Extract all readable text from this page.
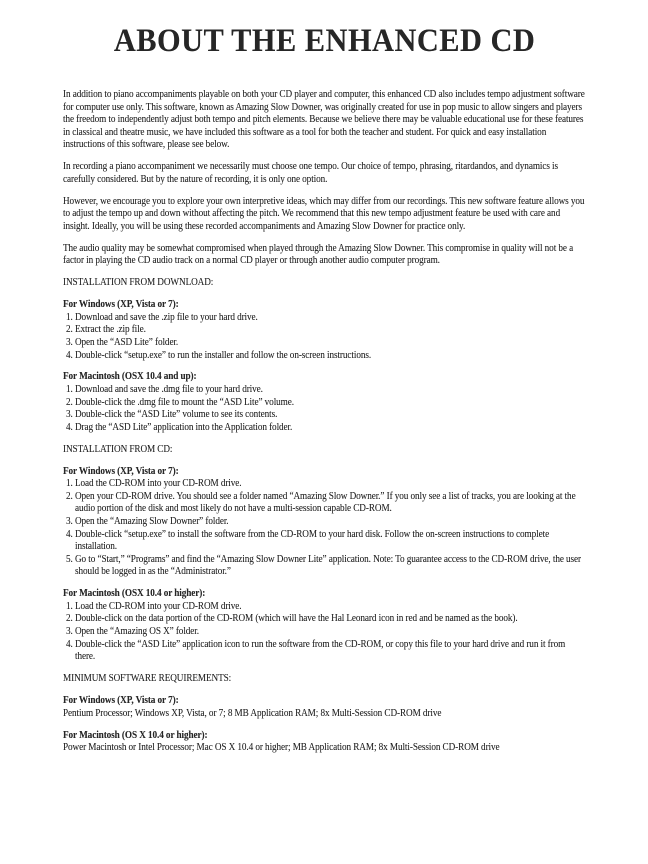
ABOUT THE ENHANCED CD

In addition to piano accompaniments playable on both your CD player and computer, this enhanced CD also includes tempo adjustment software for computer use only. This software, known as Amazing Slow Downer, was originally created for use in pop music to allow singers and players the freedom to independently adjust both tempo and pitch elements. Because we believe there may be valuable educational use for these features in classical and theatre music, we have included this software as a tool for both the teacher and student. For quick and easy installation instructions of this software, please see below.

In recording a piano accompaniment we necessarily must choose one tempo. Our choice of tempo, phrasing, ritardandos, and dynamics is carefully considered. But by the nature of recording, it is only one option.

However, we encourage you to explore your own interpretive ideas, which may differ from our recordings. This new software feature allows you to adjust the tempo up and down without affecting the pitch. We recommend that this new tempo adjustment feature be used with care and insight. Ideally, you will be using these recorded accompaniments and Amazing Slow Downer for practice only.

The audio quality may be somewhat compromised when played through the Amazing Slow Downer. This compromise in quality will not be a factor in playing the CD audio track on a normal CD player or through another audio computer program.

INSTALLATION FROM DOWNLOAD:

For Windows (XP, Vista or 7):

1. Download and save the .zip file to your hard drive.
2. Extract the .zip file.
3. Open the “ASD Lite” folder.
4. Double-click “setup.exe” to run the installer and follow the on-screen instructions.

For Macintosh (OSX 10.4 and up):

1. Download and save the .dmg file to your hard drive.
2. Double-click the .dmg file to mount the “ASD Lite” volume.
3. Double-click the “ASD Lite” volume to see its contents.
4. Drag the “ASD Lite” application into the Application folder.

INSTALLATION FROM CD:

For Windows (XP, Vista or 7):

1. Load the CD-ROM into your CD-ROM drive.
2. Open your CD-ROM drive. You should see a folder named “Amazing Slow Downer.” If you only see a list of tracks, you are looking at the audio portion of the disk and most likely do not have a multi-session capable CD-ROM.
3. Open the “Amazing Slow Downer” folder.
4. Double-click “setup.exe” to install the software from the CD-ROM to your hard disk. Follow the on-screen instructions to complete installation.
5. Go to “Start,” “Programs” and find the “Amazing Slow Downer Lite” application. Note: To guarantee access to the CD-ROM drive, the user should be logged in as the “Administrator.”

For Macintosh (OSX 10.4 or higher):

1. Load the CD-ROM into your CD-ROM drive.
2. Double-click on the data portion of the CD-ROM (which will have the Hal Leonard icon in red and be named as the book).
3. Open the “Amazing OS X” folder.
4. Double-click the “ASD Lite” application icon to run the software from the CD-ROM, or copy this file to your hard drive and run it from there.

MINIMUM SOFTWARE REQUIREMENTS:

For Windows (XP, Vista or 7):

Pentium Processor; Windows XP, Vista, or 7; 8 MB Application RAM; 8x Multi-Session CD-ROM drive

For Macintosh (OS X 10.4 or higher):

Power Macintosh or Intel Processor; Mac OS X 10.4 or higher; MB Application RAM; 8x Multi-Session CD-ROM drive
